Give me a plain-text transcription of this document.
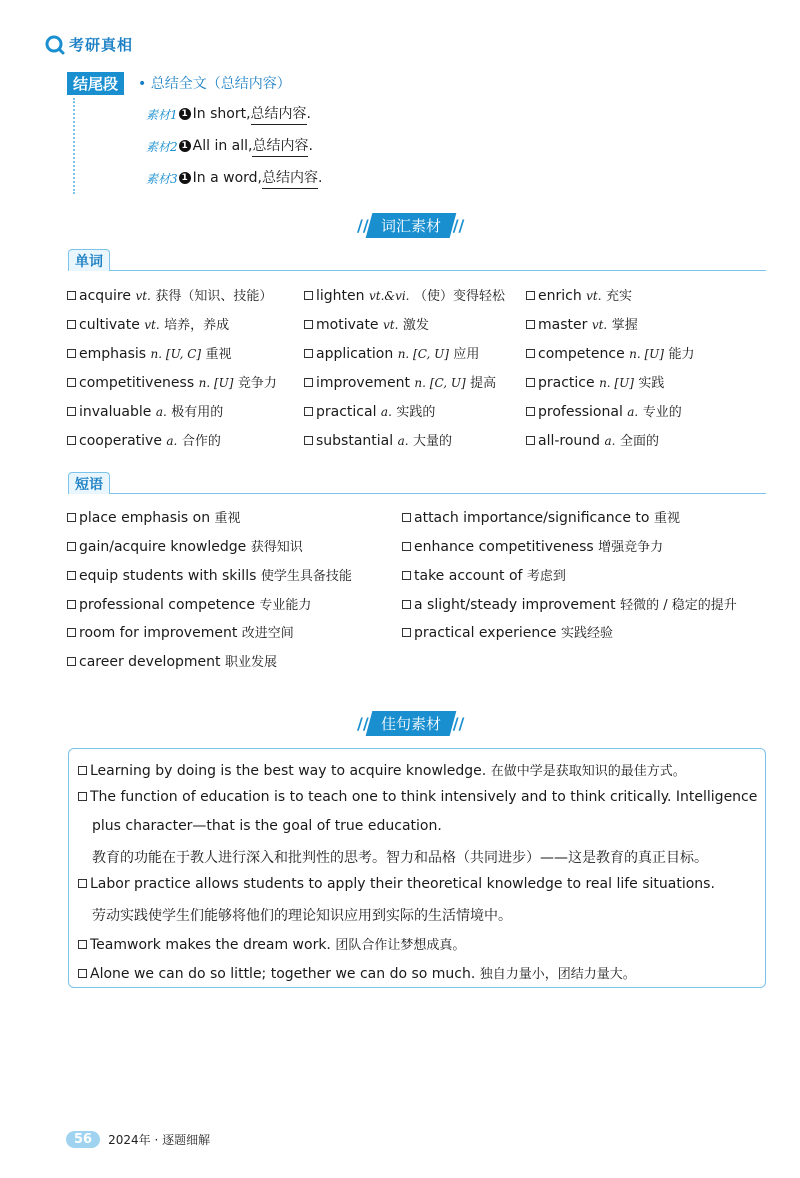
考研真相
结尾段	• 总结全文（总结内容）
素材1 1 In short, 总结内容 .
素材2 1 All in all, 总结内容 .
素材3 1 In a word, 总结内容 .
// 词汇素材 //
单词
acquire vt. 获得（知识、技能）	lighten vt.&vi. （使）变得轻松	enrich vt. 充实
cultivate vt. 培养，养成	motivate vt. 激发	master vt. 掌握
emphasis n. [U, C] 重视	application n. [C, U] 应用	competence n. [U] 能力
competitiveness n. [U] 竞争力	improvement n. [C, U] 提高	practice n. [U] 实践
invaluable a. 极有用的	practical a. 实践的	professional a. 专业的
cooperative a. 合作的	substantial a. 大量的	all-round a. 全面的
短语
place emphasis on 重视	attach importance/significance to 重视
gain/acquire knowledge 获得知识	enhance competitiveness 增强竞争力
equip students with skills 使学生具备技能	take account of 考虑到
professional competence 专业能力	a slight/steady improvement 轻微的 / 稳定的提升
room for improvement 改进空间	practical experience 实践经验
career development 职业发展
// 佳句素材 //
Learning by doing is the best way to acquire knowledge. 在做中学是获取知识的最佳方式。
The function of education is to teach one to think intensively and to think critically. Intelligence
plus character—that is the goal of true education.
教育的功能在于教人进行深入和批判性的思考。智力和品格（共同进步）——这是教育的真正目标。
Labor practice allows students to apply their theoretical knowledge to real life situations.
劳动实践使学生们能够将他们的理论知识应用到实际的生活情境中。
Teamwork makes the dream work. 团队合作让梦想成真。
Alone we can do so little; together we can do so much. 独自力量小，团结力量大。
56	2024年 · 逐题细解
